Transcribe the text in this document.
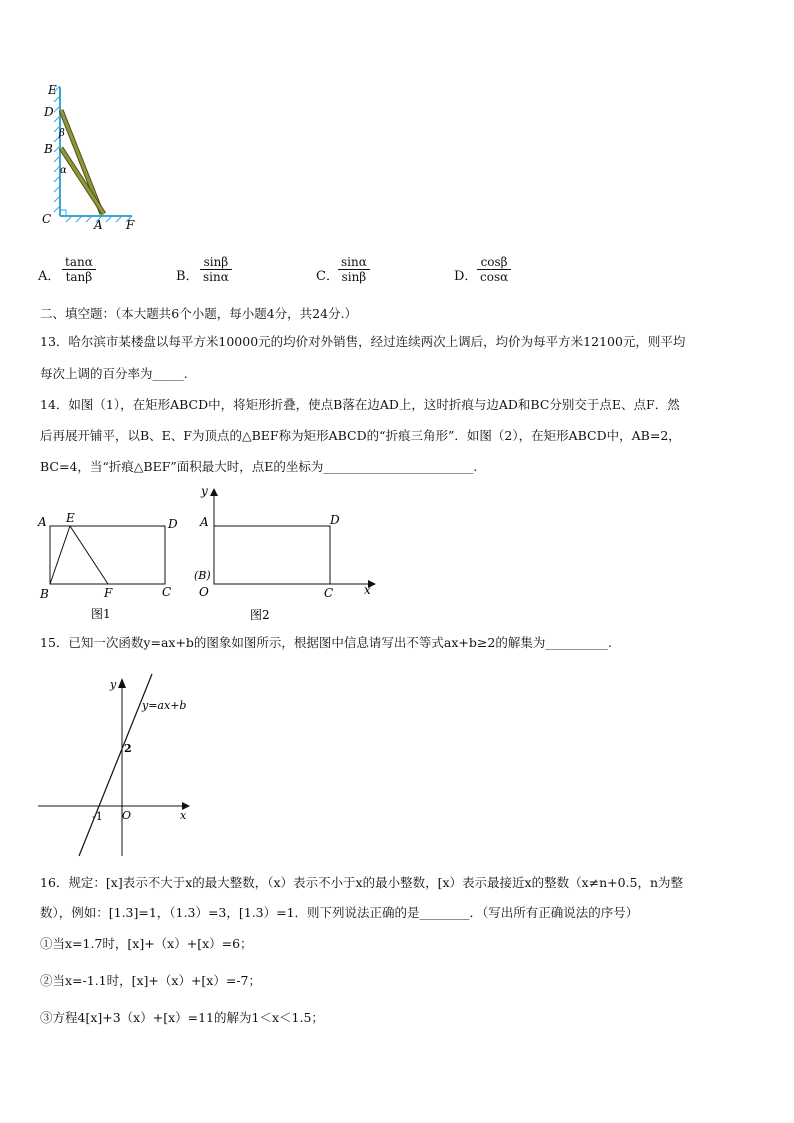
E
D
β
B
α
C	A F
A． $\frac{\tan\alpha}{\tan\beta}$	B． $\frac{\sin\beta}{\sin\alpha}$	C． $\frac{\sin\alpha}{\sin\beta}$	D． $\frac{\cos\beta}{\cos\alpha}$
二、填空题：（本大题共6个小题，每小题4分，共24分.）
13．哈尔滨市某楼盘以每平方米10000元的均价对外销售，经过连续两次上调后，均价为每平方米12100元，则平均
每次上调的百分率为_____.
14．如图（1），在矩形ABCD中，将矩形折叠，使点B落在边AD上，这时折痕与边AD和BC分别交于点E、点F．然
后再展开铺平，以B、E、F为顶点的△BEF称为矩形ABCD的“折痕三角形”．如图（2），在矩形ABCD中，AB=2，
BC=4，当“折痕△BEF”面积最大时，点E的坐标为________________________.
A E	D
B	F	C
图1
y
A	D
(B)
O	C	x
图2
15．已知一次函数y=ax+b的图象如图所示，根据图中信息请写出不等式ax+b≥2的解集为__________.
y
y=ax+b
2
-1 O	x
16．规定：[x]表示不大于x的最大整数，（x）表示不小于x的最小整数，[x）表示最接近x的整数（x≠n+0.5，n为整
数），例如：[1.3]=1，（1.3）=3，[1.3）=1．则下列说法正确的是________．（写出所有正确说法的序号）
①当x=1.7时，[x]+（x）+[x）=6；
②当x=-1.1时，[x]+（x）+[x）=-7；
③方程4[x]+3（x）+[x）=11的解为1＜x＜1.5；
